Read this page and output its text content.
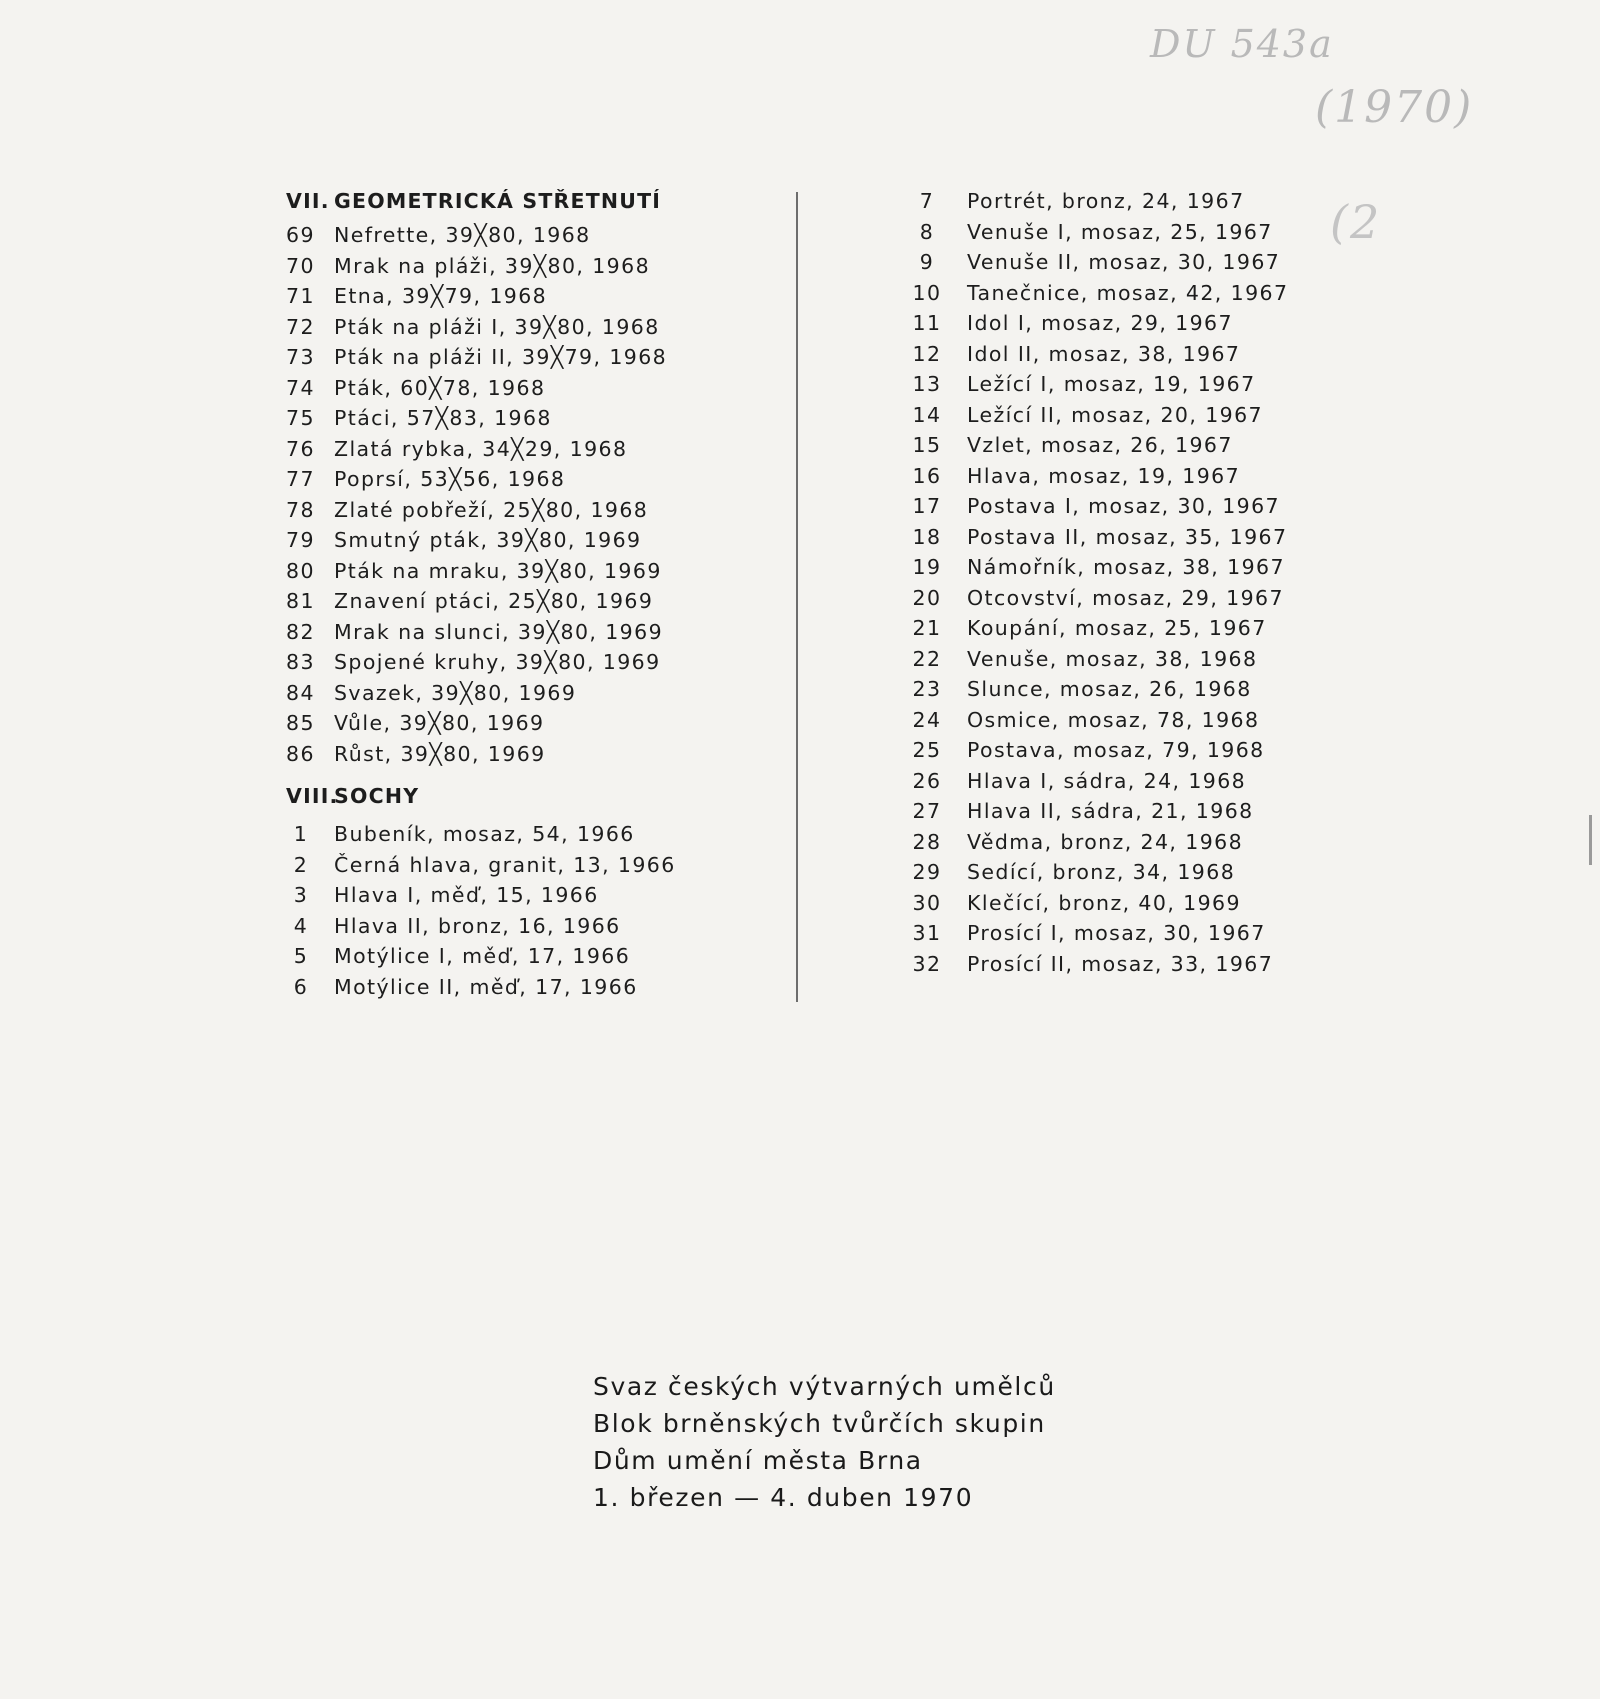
DU 543a
(1970)
(2
VII. GEOMETRICKÁ STŘETNUTÍ
69 Nefrette, 39╳80, 1968
70 Mrak na pláži, 39╳80, 1968
71 Etna, 39╳79, 1968
72 Pták na pláži I, 39╳80, 1968
73 Pták na pláži II, 39╳79, 1968
74 Pták, 60╳78, 1968
75 Ptáci, 57╳83, 1968
76 Zlatá rybka, 34╳29, 1968
77 Poprsí, 53╳56, 1968
78 Zlaté pobřeží, 25╳80, 1968
79 Smutný pták, 39╳80, 1969
80 Pták na mraku, 39╳80, 1969
81 Znavení ptáci, 25╳80, 1969
82 Mrak na slunci, 39╳80, 1969
83 Spojené kruhy, 39╳80, 1969
84 Svazek, 39╳80, 1969
85 Vůle, 39╳80, 1969
86 Růst, 39╳80, 1969
VIII.SOCHY
1	Bubeník, mosaz, 54, 1966
2	Černá hlava, granit, 13, 1966
3	Hlava I, měď, 15, 1966
4	Hlava II, bronz, 16, 1966
5	Motýlice I, měď, 17, 1966
6	Motýlice II, měď, 17, 1966
7	Portrét, bronz, 24, 1967
8	Venuše I, mosaz, 25, 1967
9	Venuše II, mosaz, 30, 1967
10	Tanečnice, mosaz, 42, 1967
11	Idol I, mosaz, 29, 1967
12	Idol II, mosaz, 38, 1967
13	Ležící I, mosaz, 19, 1967
14	Ležící II, mosaz, 20, 1967
15	Vzlet, mosaz, 26, 1967
16	Hlava, mosaz, 19, 1967
17	Postava I, mosaz, 30, 1967
18	Postava II, mosaz, 35, 1967
19	Námořník, mosaz, 38, 1967
20	Otcovství, mosaz, 29, 1967
21	Koupání, mosaz, 25, 1967
22	Venuše, mosaz, 38, 1968
23	Slunce, mosaz, 26, 1968
24	Osmice, mosaz, 78, 1968
25	Postava, mosaz, 79, 1968
26	Hlava I, sádra, 24, 1968
27	Hlava II, sádra, 21, 1968
28	Vědma, bronz, 24, 1968
29	Sedící, bronz, 34, 1968
30	Klečící, bronz, 40, 1969
31	Prosící I, mosaz, 30, 1967
32	Prosící II, mosaz, 33, 1967
Svaz českých výtvarných umělců
Blok brněnských tvůrčích skupin
Dům umění města Brna
1. březen — 4. duben 1970
